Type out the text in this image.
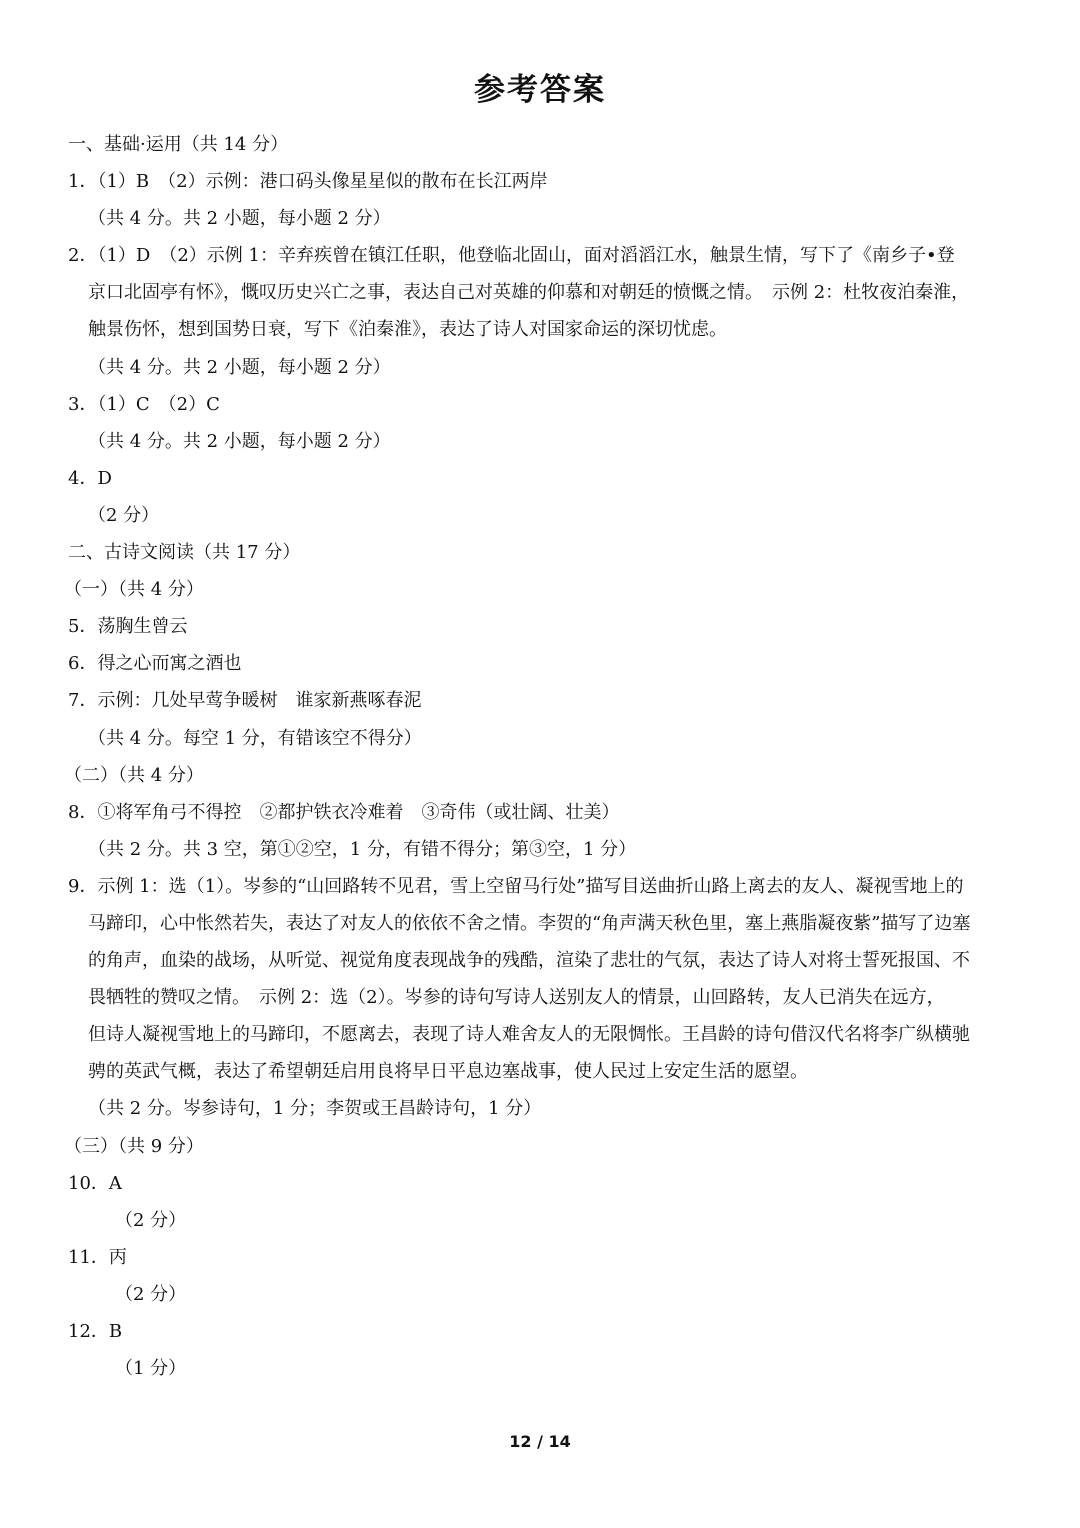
参考答案
一、基础·运用（共 14 分）
1．（1）B　（2）示例：港口码头像星星似的散布在长江两岸
（共 4 分。共 2 小题，每小题 2 分）
2．（1）D　（2）示例 1：辛弃疾曾在镇江任职，他登临北固山，面对滔滔江水，触景生情，写下了《南乡子•登
京口北固亭有怀》，慨叹历史兴亡之事，表达自己对英雄的仰慕和对朝廷的愤慨之情。　示例 2：杜牧夜泊秦淮，
触景伤怀，想到国势日衰，写下《泊秦淮》，表达了诗人对国家命运的深切忧虑。
（共 4 分。共 2 小题，每小题 2 分）
3．（1）C　（2）C
（共 4 分。共 2 小题，每小题 2 分）
4．D
（2 分）
二、古诗文阅读（共 17 分）
（一）（共 4 分）
5．荡胸生曾云
6．得之心而寓之酒也
7．示例：几处早莺争暖树　谁家新燕啄春泥
（共 4 分。每空 1 分，有错该空不得分）
（二）（共 4 分）
8．①将军角弓不得控　②都护铁衣冷难着　③奇伟（或壮阔、壮美）
（共 2 分。共 3 空，第①②空，1 分，有错不得分；第③空，1 分）
9．示例 1：选（1）。岑参的“山回路转不见君，雪上空留马行处”描写目送曲折山路上离去的友人、凝视雪地上的
马蹄印，心中怅然若失，表达了对友人的依依不舍之情。李贺的“角声满天秋色里，塞上燕脂凝夜紫”描写了边塞
的角声，血染的战场，从听觉、视觉角度表现战争的残酷，渲染了悲壮的气氛，表达了诗人对将士誓死报国、不
畏牺牲的赞叹之情。　示例 2：选（2）。岑参的诗句写诗人送别友人的情景，山回路转，友人已消失在远方，
但诗人凝视雪地上的马蹄印，不愿离去，表现了诗人难舍友人的无限惆怅。王昌龄的诗句借汉代名将李广纵横驰
骋的英武气概，表达了希望朝廷启用良将早日平息边塞战事，使人民过上安定生活的愿望。
（共 2 分。岑参诗句，1 分；李贺或王昌龄诗句，1 分）
（三）（共 9 分）
10．A
（2 分）
11．丙
（2 分）
12．B
（1 分）
12 / 14
